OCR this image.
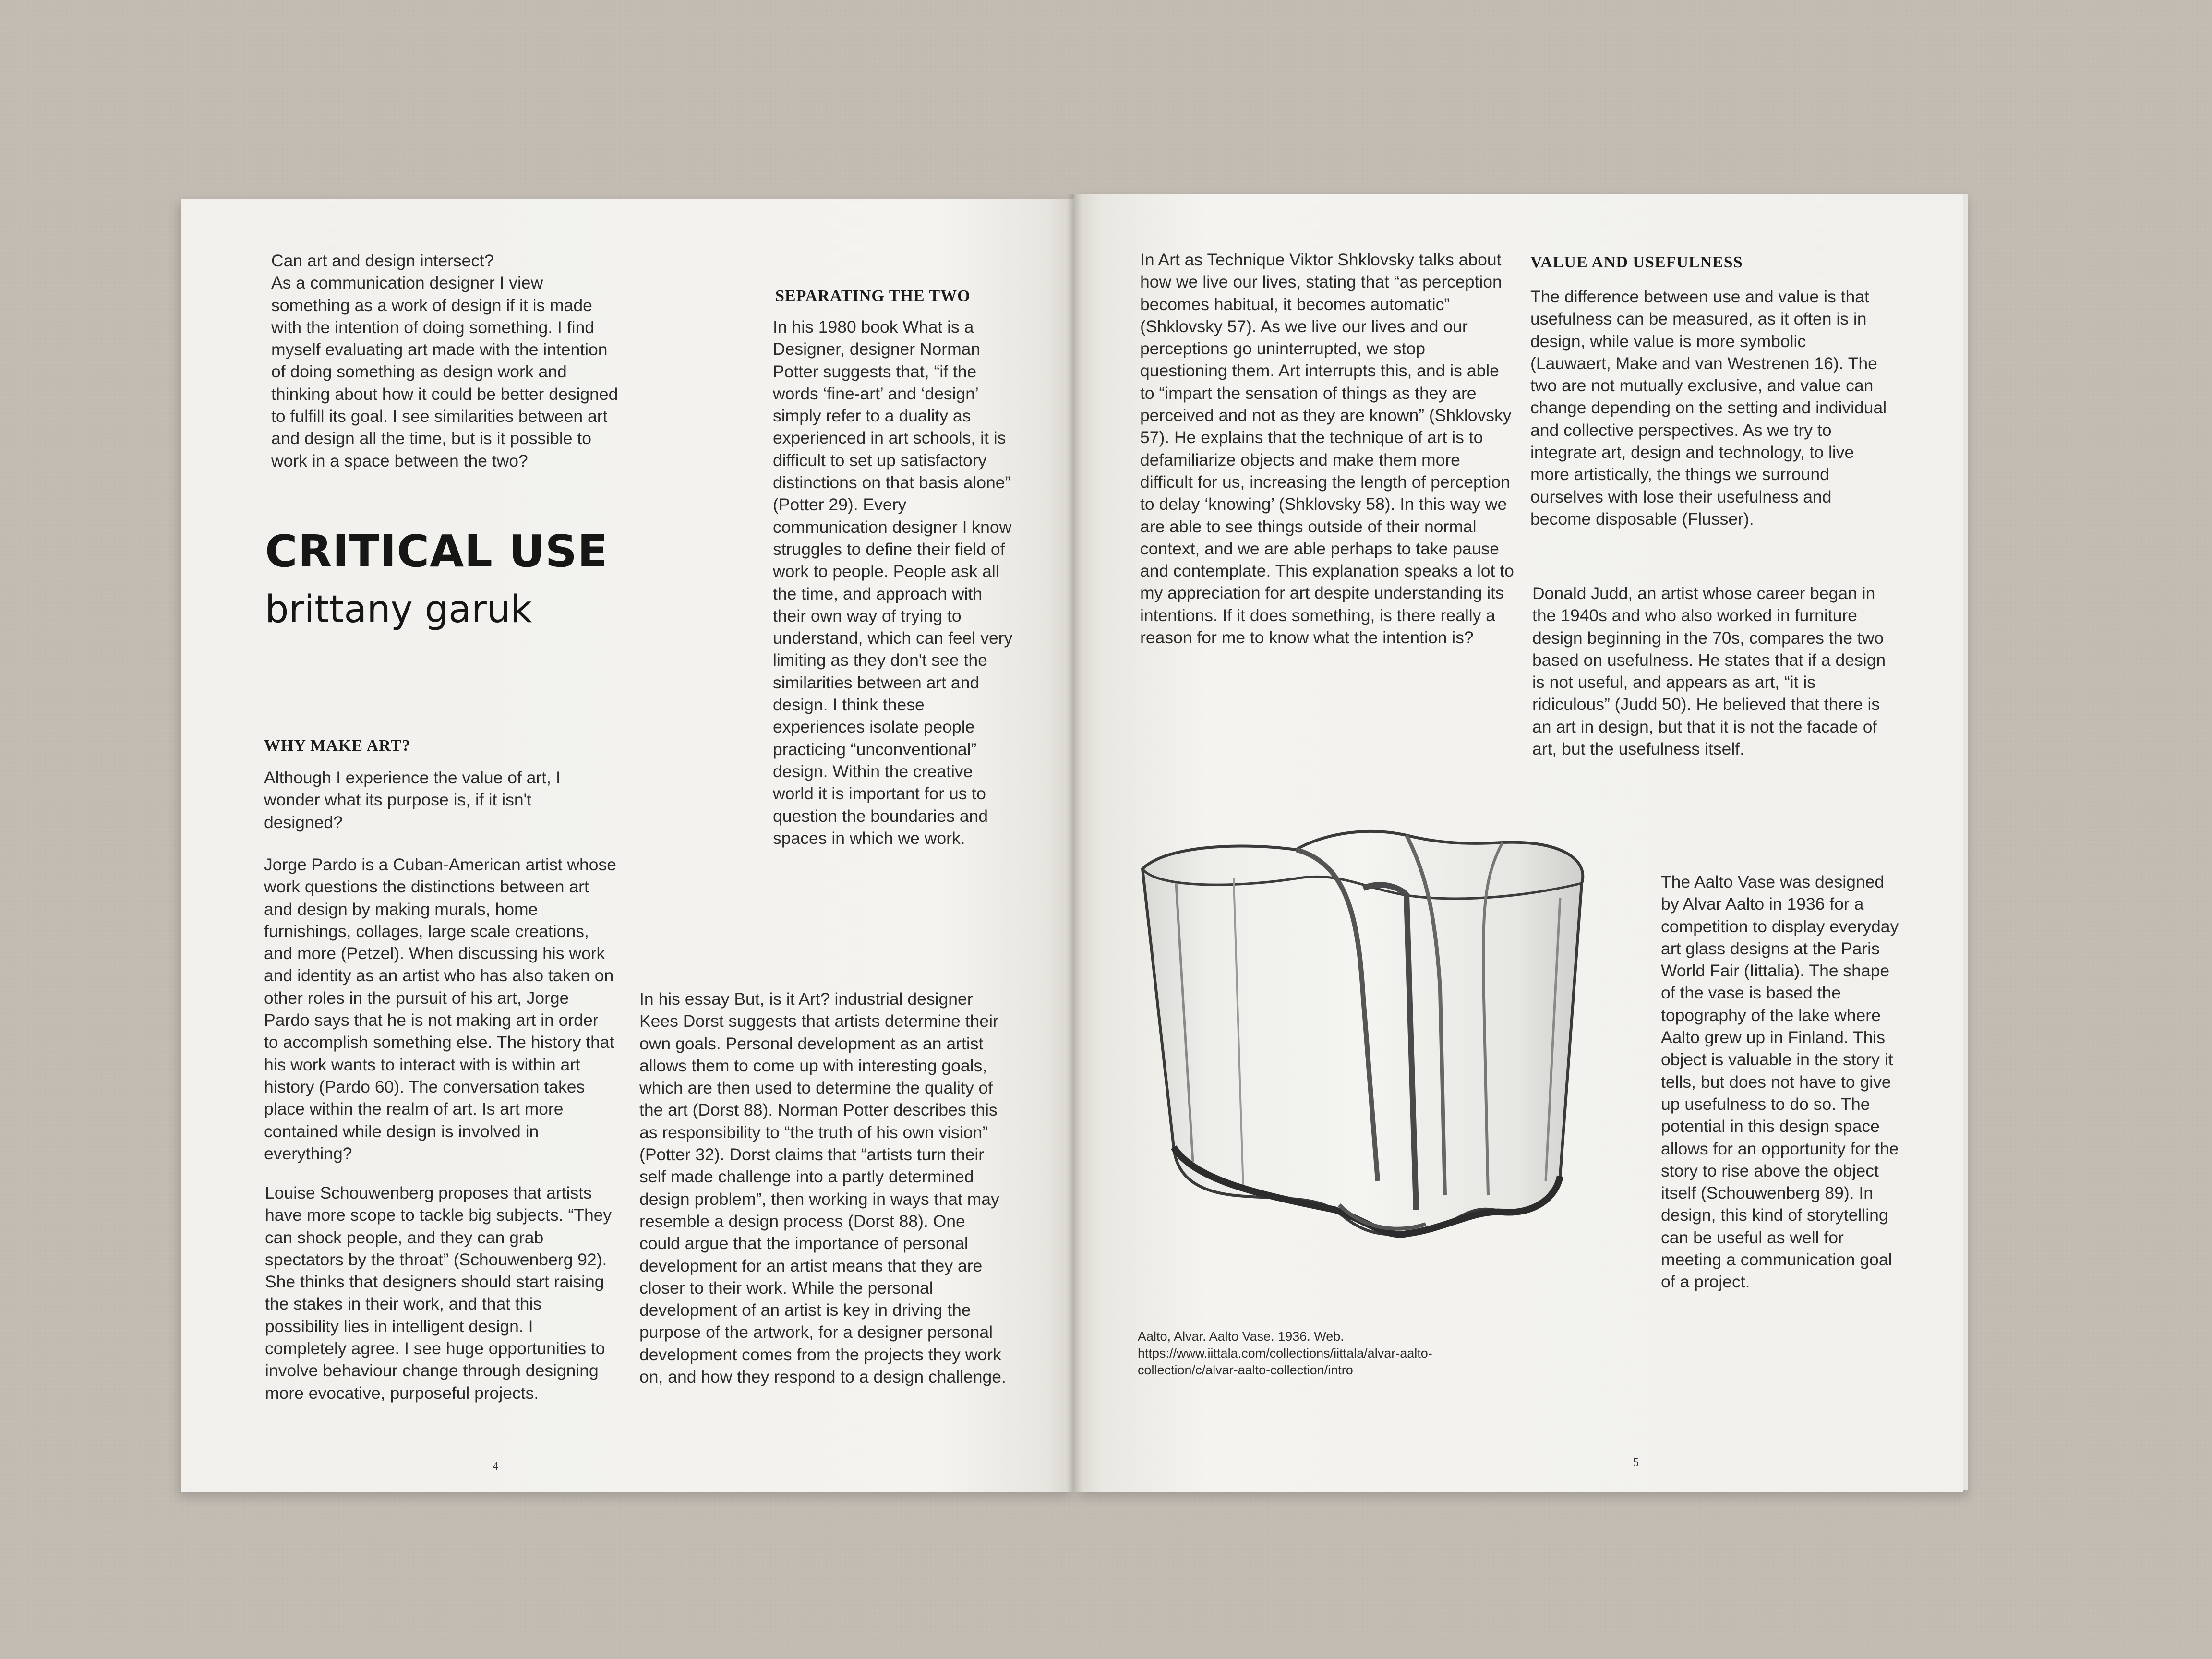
Can art and design intersect?
As a communication designer I view something as a work of design if it is made with the intention of doing something. I find myself evaluating art made with the intention of doing something as design work and thinking about how it could be better designed to fulfill its goal. I see similarities between art and design all the time, but is it possible to work in a space between the two?

CRITICAL USE
brittany garuk
WHY MAKE ART?

Although I experience the value of art, I wonder what its purpose is, if it isn't designed?

Jorge Pardo is a Cuban-American artist whose work questions the distinctions between art and design by making murals, home furnishings, collages, large scale creations, and more (Petzel). When discussing his work and identity as an artist who has also taken on other roles in the pursuit of his art, Jorge Pardo says that he is not making art in order to accomplish something else. The history that his work wants to interact with is within art history (Pardo 60). The conversation takes place within the realm of art. Is art more contained while design is involved in everything?

Louise Schouwenberg proposes that artists have more scope to tackle big subjects. “They can shock people, and they can grab spectators by the throat” (Schouwenberg 92). She thinks that designers should start raising the stakes in their work, and that this possibility lies in intelligent design. I completely agree. I see huge opportunities to involve behaviour change through designing more evocative, purposeful projects.

SEPARATING THE TWO

In his 1980 book What is a Designer, designer Norman Potter suggests that, “if the words ‘fine-art’ and ‘design’ simply refer to a duality as experienced in art schools, it is difficult to set up satisfactory distinctions on that basis alone” (Potter 29). Every communication designer I know struggles to define their field of work to people. People ask all the time, and approach with their own way of trying to understand, which can feel very limiting as they don't see the similarities between art and design. I think these experiences isolate people practicing “unconventional” design. Within the creative world it is important for us to question the boundaries and spaces in which we work.

In his essay But, is it Art? industrial designer Kees Dorst suggests that artists determine their own goals. Personal development as an artist allows them to come up with interesting goals, which are then used to determine the quality of the art (Dorst 88). Norman Potter describes this as responsibility to “the truth of his own vision” (Potter 32). Dorst claims that “artists turn their self made challenge into a partly determined design problem”, then working in ways that may resemble a design process (Dorst 88). One could argue that the importance of personal development for an artist means that they are closer to their work. While the personal development of an artist is key in driving the purpose of the artwork, for a designer personal development comes from the projects they work on, and how they respond to a design challenge.

4

In Art as Technique Viktor Shklovsky talks about how we live our lives, stating that “as perception becomes habitual, it becomes automatic” (Shklovsky 57). As we live our lives and our perceptions go uninterrupted, we stop questioning them. Art interrupts this, and is able to “impart the sensation of things as they are perceived and not as they are known” (Shklovsky 57). He explains that the technique of art is to defamiliarize objects and make them more difficult for us, increasing the length of perception to delay ‘knowing’ (Shklovsky 58). In this way we are able to see things outside of their normal context, and we are able perhaps to take pause and contemplate. This explanation speaks a lot to my appreciation for art despite understanding its intentions. If it does something, is there really a reason for me to know what the intention is?

VALUE AND USEFULNESS

The difference between use and value is that usefulness can be measured, as it often is in design, while value is more symbolic (Lauwaert, Make and van Westrenen 16). The two are not mutually exclusive, and value can change depending on the setting and individual and collective perspectives. As we try to integrate art, design and technology, to live more artistically, the things we surround ourselves with lose their usefulness and become disposable (Flusser).

Donald Judd, an artist whose career began in the 1940s and who also worked in furniture design beginning in the 70s, compares the two based on usefulness. He states that if a design is not useful, and appears as art, “it is ridiculous” (Judd 50). He believed that there is an art in design, but that it is not the facade of art, but the usefulness itself.

The Aalto Vase was designed by Alvar Aalto in 1936 for a competition to display everyday art glass designs at the Paris World Fair (Iittalia). The shape of the vase is based the topography of the lake where Aalto grew up in Finland. This object is valuable in the story it tells, but does not have to give up usefulness to do so. The potential in this design space allows for an opportunity for the story to rise above the object itself (Schouwenberg 89). In design, this kind of storytelling can be useful as well for meeting a communication goal of a project.

Aalto, Alvar. Aalto Vase. 1936. Web. https://www.iittala.com/collections/iittala/alvar-aalto-collection/c/alvar-aalto-collection/intro

5
